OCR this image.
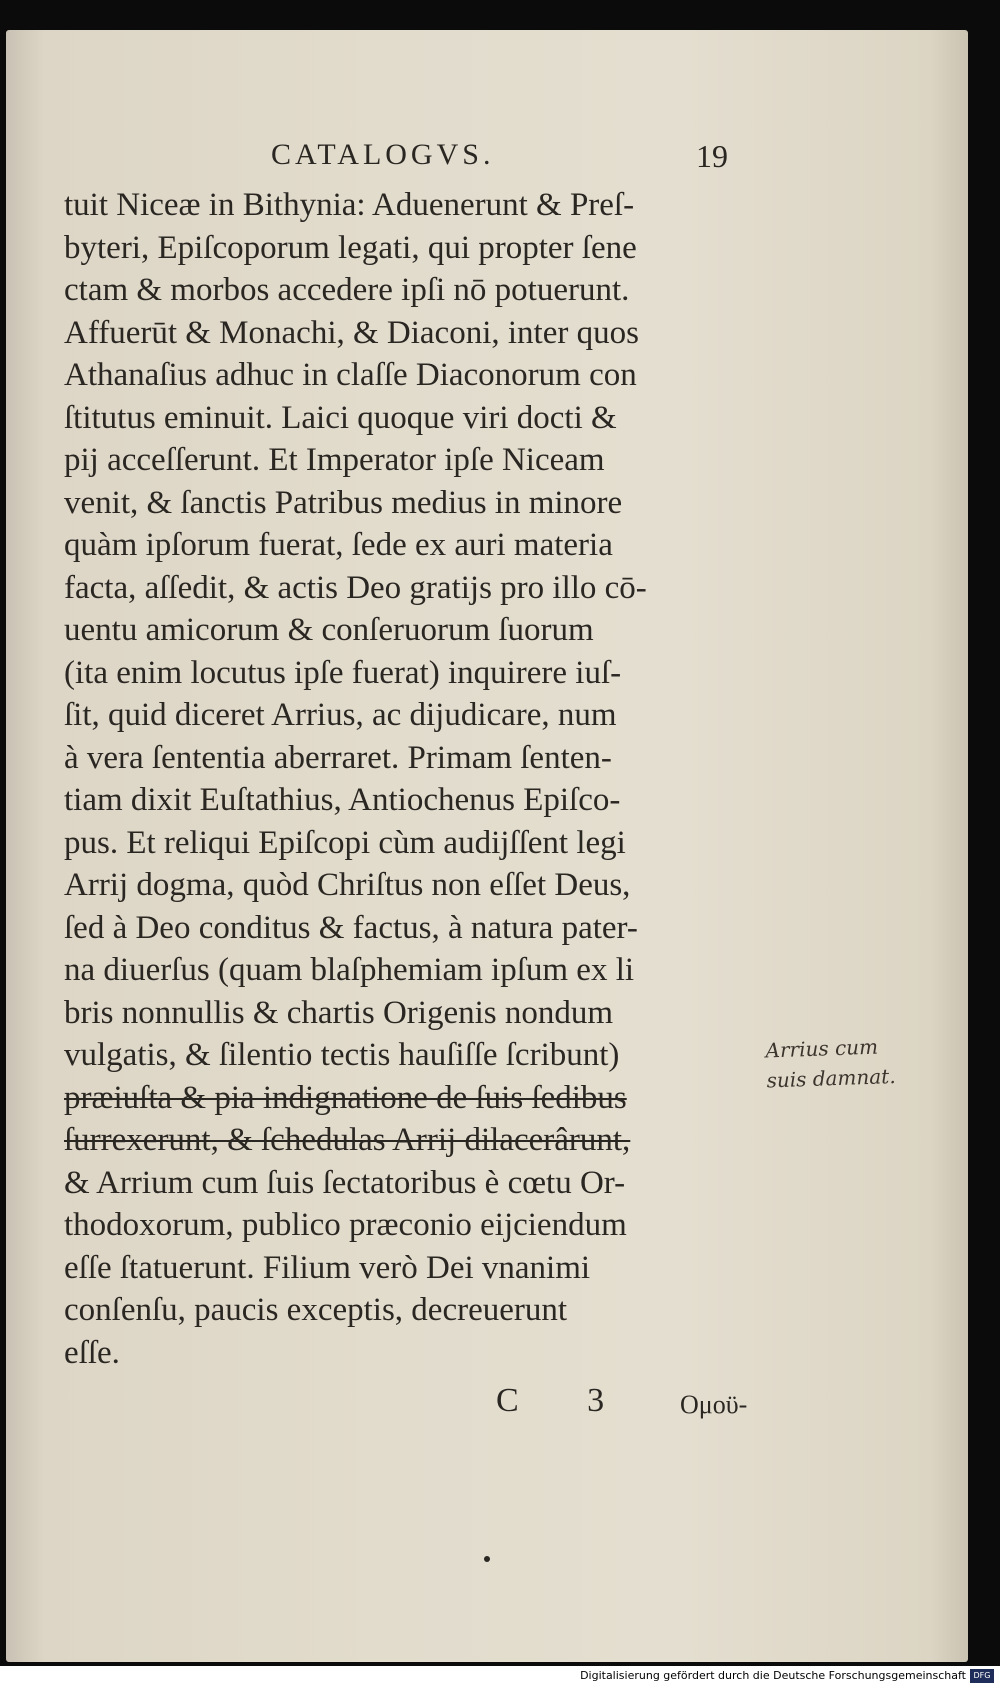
CATALOGVS.	19
tuit Niceæ in Bithynia: Aduenerunt & Preſ-
byteri, Epiſcoporum legati, qui propter ſene
ctam & morbos accedere ipſi nō potuerunt.
Affuerūt & Monachi, & Diaconi, inter quos
Athanaſius adhuc in claſſe Diaconorum con
ſtitutus eminuit. Laici quoque viri docti &
pij acceſſerunt. Et Imperator ipſe Niceam
venit, & ſanctis Patribus medius in minore
quàm ipſorum fuerat, ſede ex auri materia
facta, aſſedit, & actis Deo gratijs pro illo cō-
uentu amicorum & conſeruorum ſuorum
(ita enim locutus ipſe fuerat) inquirere iuſ-
ſit, quid diceret Arrius, ac dijudicare, num
à vera ſententia aberraret. Primam ſenten-
tiam dixit Euſtathius, Antiochenus Epiſco-
pus. Et reliqui Epiſcopi cùm audijſſent legi
Arrij dogma, quòd Chriſtus non eſſet Deus,
ſed à Deo conditus & factus, à natura pater-
na diuerſus (quam blaſphemiam ipſum ex li
bris nonnullis & chartis Origenis nondum
vulgatis, & ſilentio tectis hauſiſſe ſcribunt)
præiuſta & pia indignatione de ſuis ſedibus
ſurrexerunt, & ſchedulas Arrij dilacerârunt,
& Arrium cum ſuis ſectatoribus è cœtu Or-
thodoxorum, publico præconio eijciendum
eſſe ſtatuerunt. Filium verò Dei vnanimi
conſenſu, paucis exceptis, decreuerunt
eſſe.
Arrius cum
suis damnat.
C 3 Ομοϋ-
Digitalisierung gefördert durch die Deutsche Forschungsgemeinschaft DFG
